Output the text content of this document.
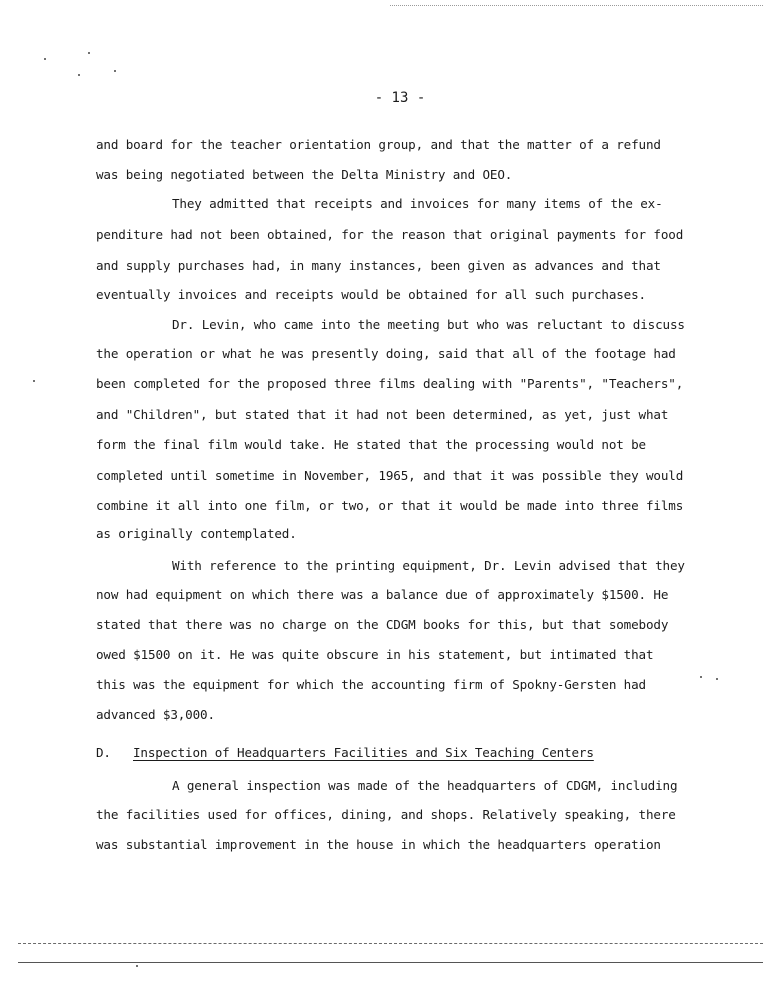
- 13 -
and board for the teacher orientation group, and that the matter of a refund
was being negotiated between the Delta Ministry and OEO.
They admitted that receipts and invoices for many items of the ex-
penditure had not been obtained, for the reason that original payments for food
and supply purchases had, in many instances, been given as advances and that
eventually invoices and receipts would be obtained for all such purchases.
Dr. Levin, who came into the meeting but who was reluctant to discuss
the operation or what he was presently doing, said that all of the footage had
been completed for the proposed three films dealing with "Parents", "Teachers",
and "Children", but stated that it had not been determined, as yet, just what
form the final film would take. He stated that the processing would not be
completed until sometime in November, 1965, and that it was possible they would
combine it all into one film, or two, or that it would be made into three films
as originally contemplated.
With reference to the printing equipment, Dr. Levin advised that they
now had equipment on which there was a balance due of approximately $1500. He
stated that there was no charge on the CDGM books for this, but that somebody
owed $1500 on it. He was quite obscure in his statement, but intimated that
this was the equipment for which the accounting firm of Spokny-Gersten had
advanced $3,000.
D. Inspection of Headquarters Facilities and Six Teaching Centers
A general inspection was made of the headquarters of CDGM, including
the facilities used for offices, dining, and shops. Relatively speaking, there
was substantial improvement in the house in which the headquarters operation
